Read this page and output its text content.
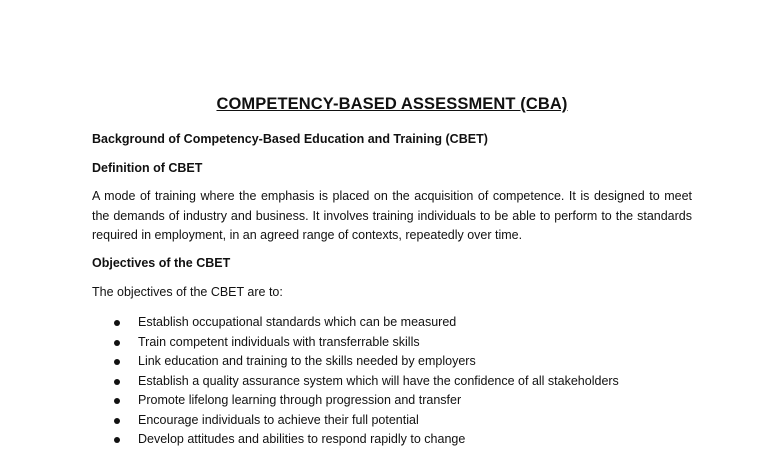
COMPETENCY-BASED ASSESSMENT (CBA)
Background of Competency-Based Education and Training (CBET)
Definition of CBET
A mode of training where the emphasis is placed on the acquisition of competence. It is designed to meet the demands of industry and business. It involves training individuals to be able to perform to the standards required in employment, in an agreed range of contexts, repeatedly over time.
Objectives of the CBET
The objectives of the CBET are to:
Establish occupational standards which can be measured
Train competent individuals with transferrable skills
Link education and training to the skills needed by employers
Establish a quality assurance system which will have the confidence of all stakeholders
Promote lifelong learning through progression and transfer
Encourage individuals to achieve their full potential
Develop attitudes and abilities to respond rapidly to change
